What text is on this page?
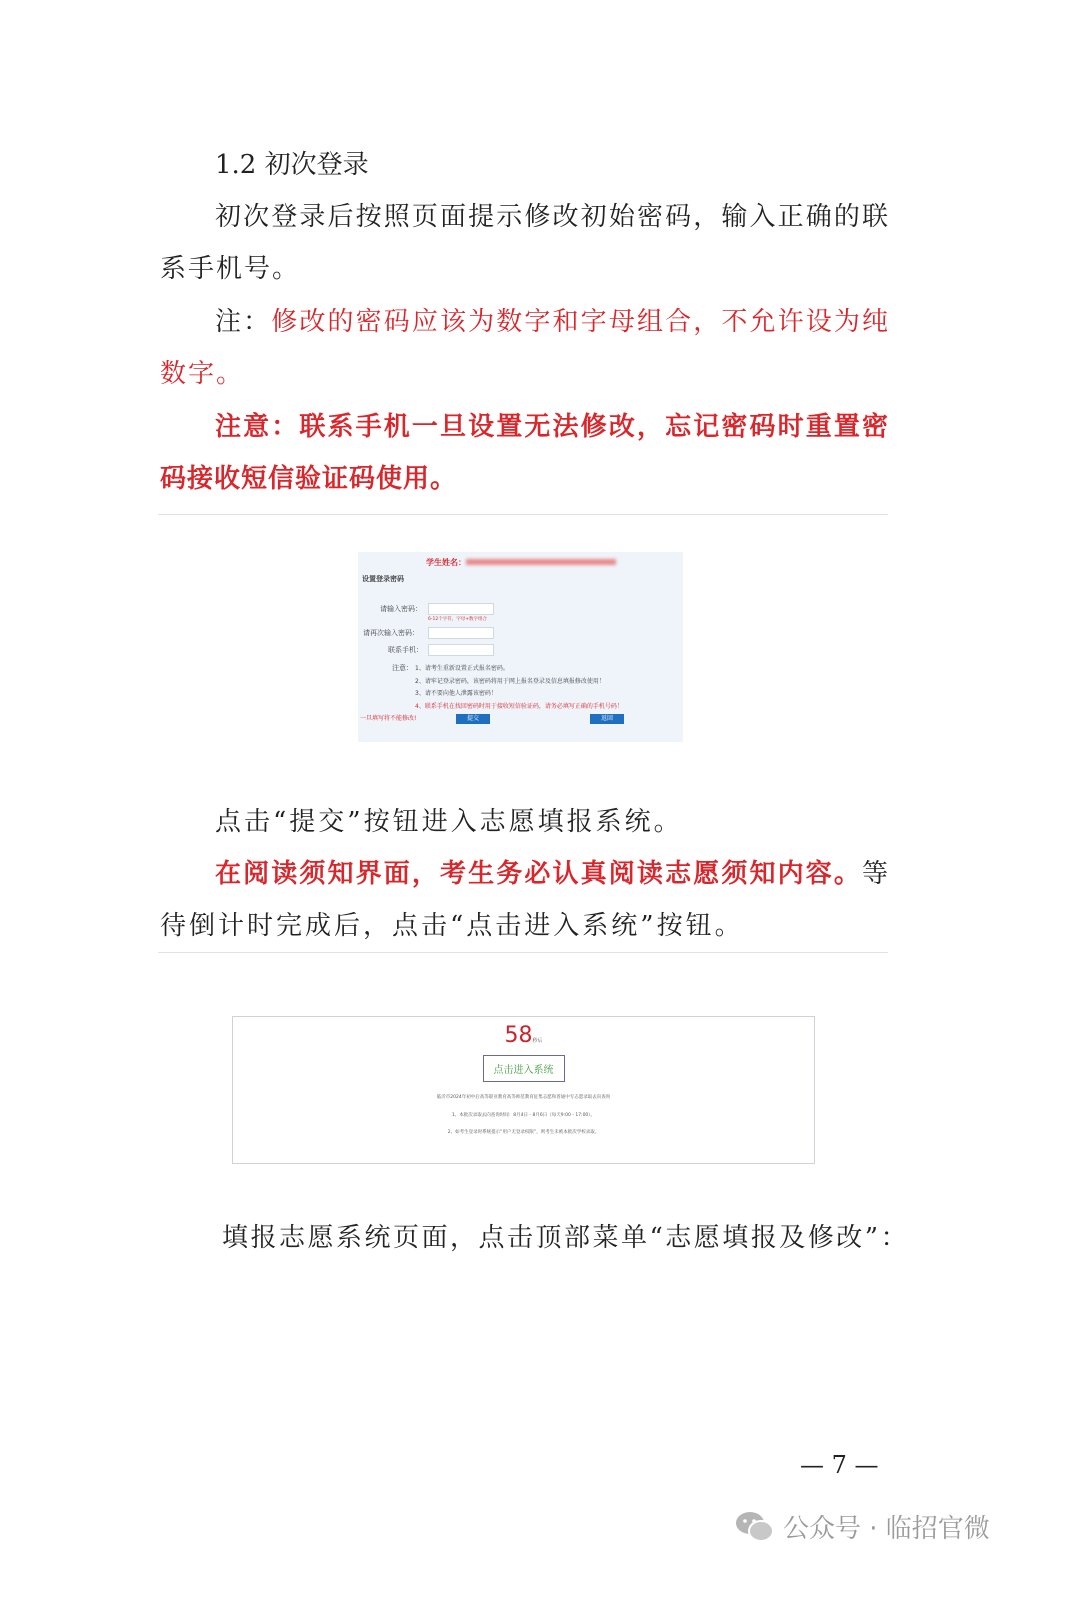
1.2 初次登录
初次登录后按照页面提示修改初始密码，输入正确的联
系手机号。
注：修改的密码应该为数字和字母组合，不允许设为纯
数字。
注意：联系手机一旦设置无法修改，忘记密码时重置密
码接收短信验证码使用。
学生姓名：
设置登录密码
请输入密码：
6-12个字符，字母+数字组合
请再次输入密码：
联系手机：
注意： 1、请考生重新设置正式报名密码。
2、请牢记登录密码，该密码将用于网上报名登录及信息填报修改使用！
3、请不要向他人泄露该密码！
4、联系手机在找回密码时用于接收短信验证码，请务必填写正确的手机号码！
一旦填写将不能修改!	提交	返回
点击“提交”按钮进入志愿填报系统。
在阅读须知界面，考生务必认真阅读志愿须知内容。等
待倒计时完成后，点击“点击进入系统”按钮。
58秒后
点击进入系统
临沂市2024年初中后高等职业教育高等师范教育征集志愿和普通中专志愿录取去向查询
1、本批次录取去向查询时间：8月4日 - 8月6日（每天9:00 - 17:00）。
2、如考生登录时系统提示“用户无登录权限”，则考生未被本批次学校录取。
填报志愿系统页面，点击顶部菜单“志愿填报及修改”：
— 7 —
公众号 · 临招官微
